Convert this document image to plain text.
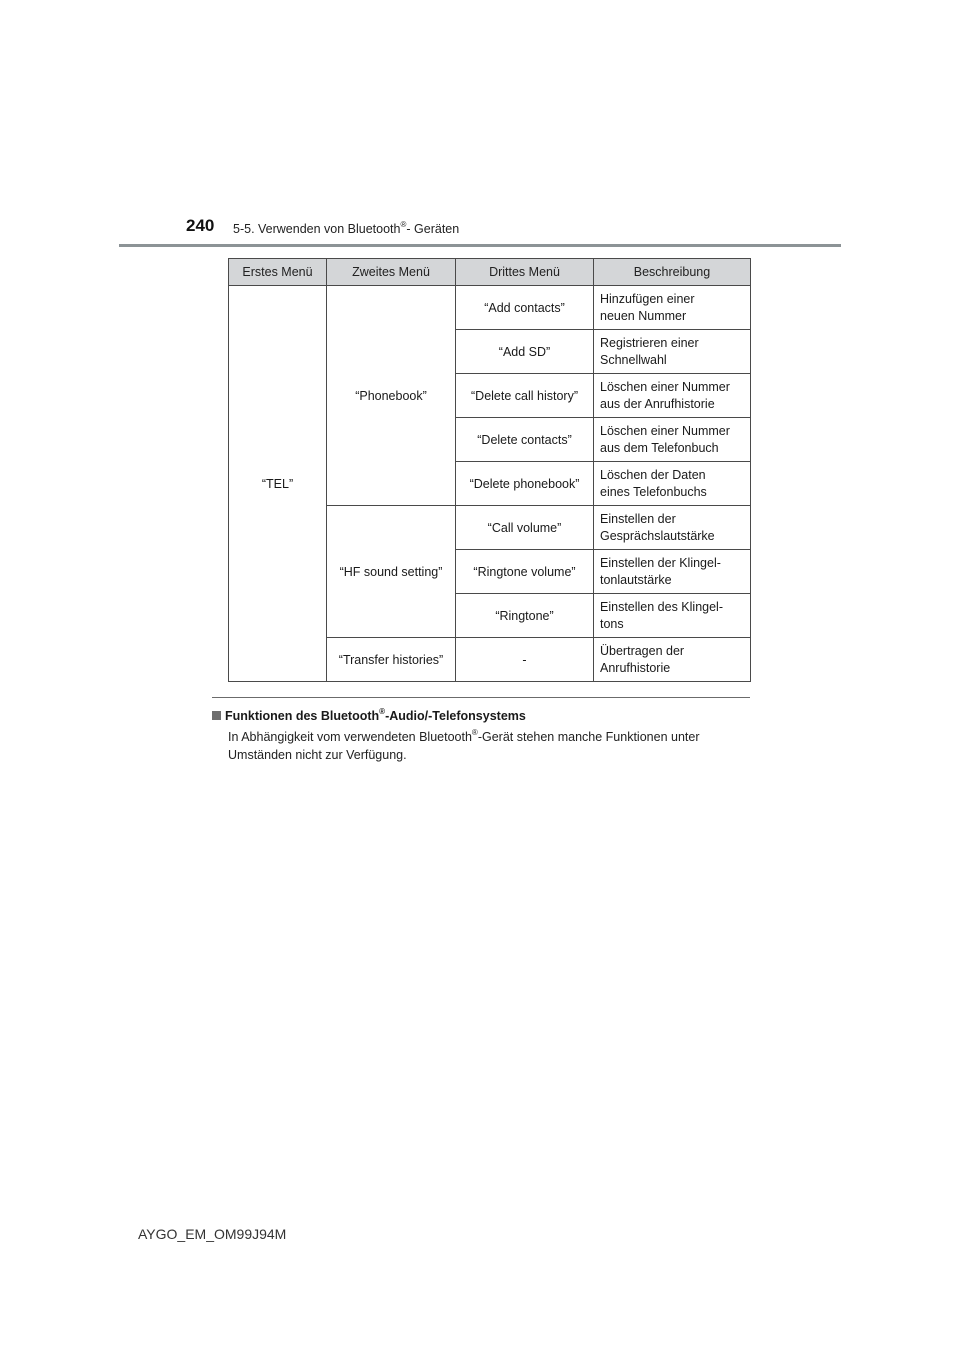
240 5-5. Verwenden von Bluetooth®- Geräten
Erstes Menü	Zweites Menü	Drittes Menü	Beschreibung
“TEL”	“Phonebook”	“Add contacts”	Hinzufügen einer
neuen Nummer

		“Add SD”	Registrieren einer
Schnellwahl

		“Delete call history”	Löschen einer Nummer
aus der Anrufhistorie

		“Delete contacts”	Löschen einer Nummer
aus dem Telefonbuch

		“Delete phonebook”	Löschen der Daten
eines Telefonbuchs

	“HF sound setting”	“Call volume”	Einstellen der
Gesprächslautstärke

		“Ringtone volume”	Einstellen der Klingel-
tonlautstärke

		“Ringtone”	Einstellen des Klingel-
tons

	“Transfer histories”	-	Übertragen der
Anrufhistorie
Funktionen des Bluetooth®-Audio/-Telefonsystems
In Abhängigkeit vom verwendeten Bluetooth®-Gerät stehen manche Funktionen unter Umständen nicht zur Verfügung.
AYGO_EM_OM99J94M
